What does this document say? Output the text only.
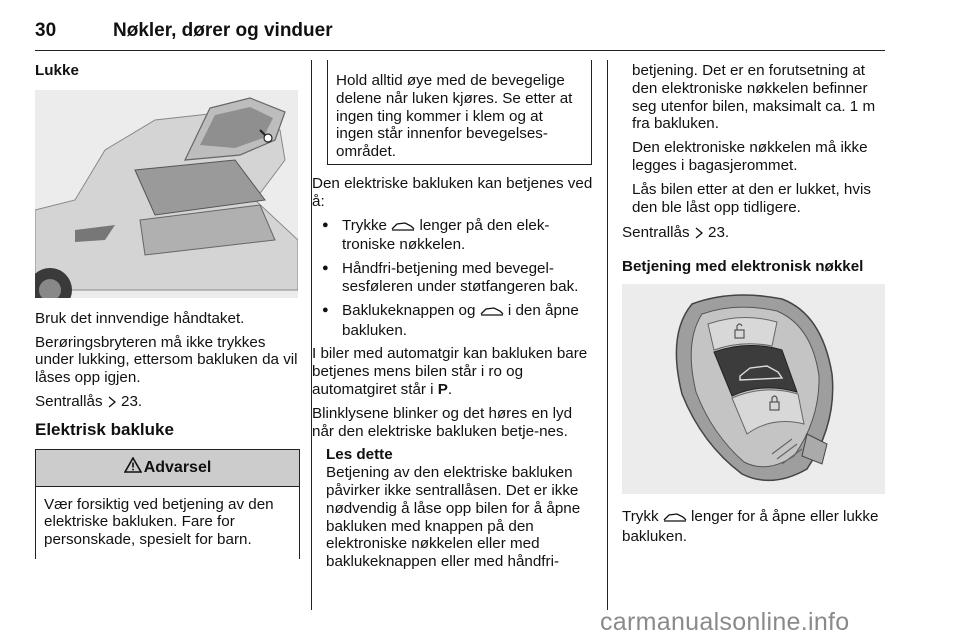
30	Nøkler, dører og vinduer
Lukke

Bruk det innvendige håndtaket.

Berøringsbryteren må ikke trykkes under lukking, ettersom bakluken da vil låses opp igjen.

Sentrallås  23.

Elektrisk bakluke
Advarsel
Vær forsiktig ved betjening av den elektriske bakluken. Fare for personskade, spesielt for barn.
Hold alltid øye med de bevegelige delene når luken kjøres. Se etter at ingen ting kommer i klem og at ingen står innenfor bevegelses-området.

Den elektriske bakluken kan betjenes ved å:

● Trykke  lenger på den elek-troniske nøkkelen.
● Håndfri-betjening med bevegel-sesføleren under støtfangeren bak.
● Baklukeknappen og  i den åpne bakluken.

I biler med automatgir kan bakluken bare betjenes mens bilen står i ro og automatgiret står i P.

Blinklysene blinker og det høres en lyd når den elektriske bakluken betje-nes.

Les dette
Betjening av den elektriske bakluken påvirker ikke sentrallåsen. Det er ikke nødvendig å låse opp bilen for å åpne bakluken med knappen på den elektroniske nøkkelen eller med baklukeknappen eller med håndfri-

betjening. Det er en forutsetning at den elektroniske nøkkelen befinner seg utenfor bilen, maksimalt ca. 1 m fra bakluken.

Den elektroniske nøkkelen må ikke legges i bagasjerommet.

Lås bilen etter at den er lukket, hvis den ble låst opp tidligere.

Sentrallås  23.

Betjening med elektronisk nøkkel

Trykk  lenger for å åpne eller lukke bakluken.

carmanualsonline.info
